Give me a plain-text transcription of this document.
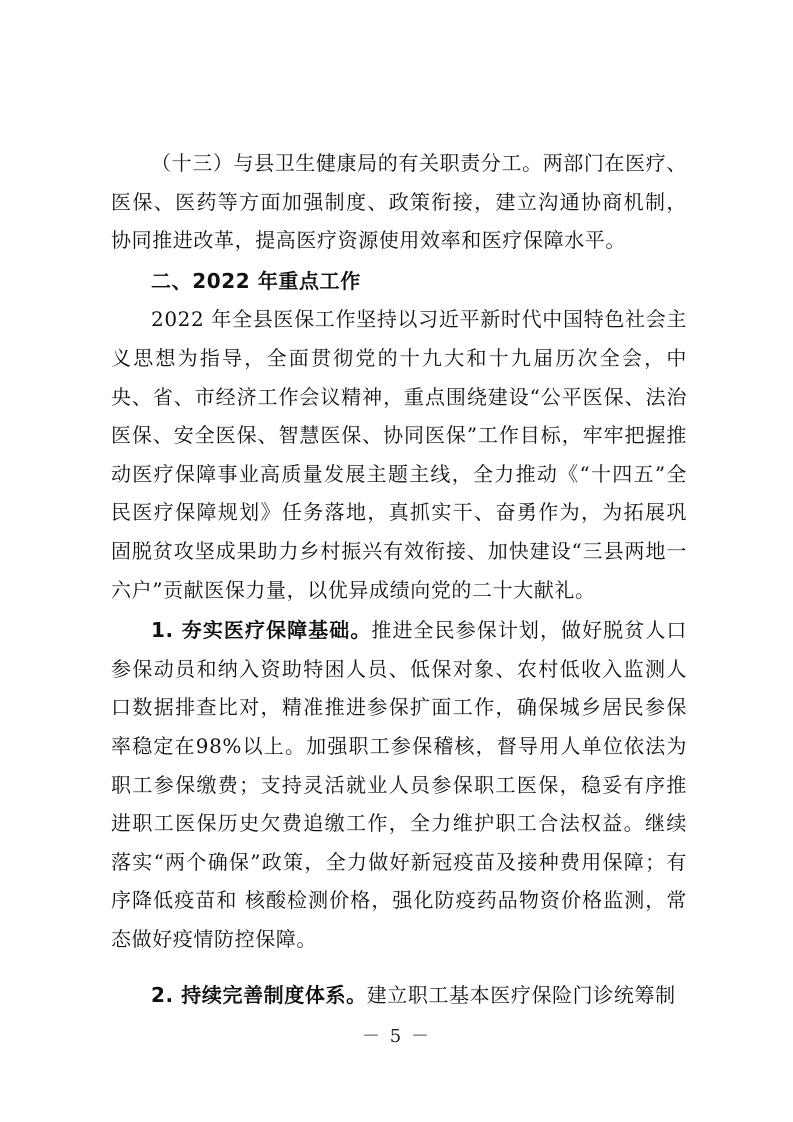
（十三）与县卫生健康局的有关职责分工。两部门在医疗、医保、医药等方面加强制度、政策衔接，建立沟通协商机制，协同推进改革，提高医疗资源使用效率和医疗保障水平。

二、2022 年重点工作

2022 年全县医保工作坚持以习近平新时代中国特色社会主义思想为指导，全面贯彻党的十九大和十九届历次全会，中央、省、市经济工作会议精神，重点围绕建设“公平医保、法治医保、安全医保、智慧医保、协同医保”工作目标，牢牢把握推动医疗保障事业高质量发展主题主线，全力推动《“十四五”全民医疗保障规划》任务落地，真抓实干、奋勇作为，为拓展巩固脱贫攻坚成果助力乡村振兴有效衔接、加快建设“三县两地一六户”贡献医保力量，以优异成绩向党的二十大献礼。

1. 夯实医疗保障基础。推进全民参保计划，做好脱贫人口参保动员和纳入资助特困人员、低保对象、农村低收入监测人口数据排查比对，精准推进参保扩面工作，确保城乡居民参保率稳定在98%以上。加强职工参保稽核，督导用人单位依法为职工参保缴费；支持灵活就业人员参保职工医保，稳妥有序推进职工医保历史欠费追缴工作，全力维护职工合法权益。继续落实“两个确保”政策，全力做好新冠疫苗及接种费用保障；有序降低疫苗和 核酸检测价格，强化防疫药品物资价格监测，常态做好疫情防控保障。

2. 持续完善制度体系。建立职工基本医疗保险门诊统筹制

－ 5 －
